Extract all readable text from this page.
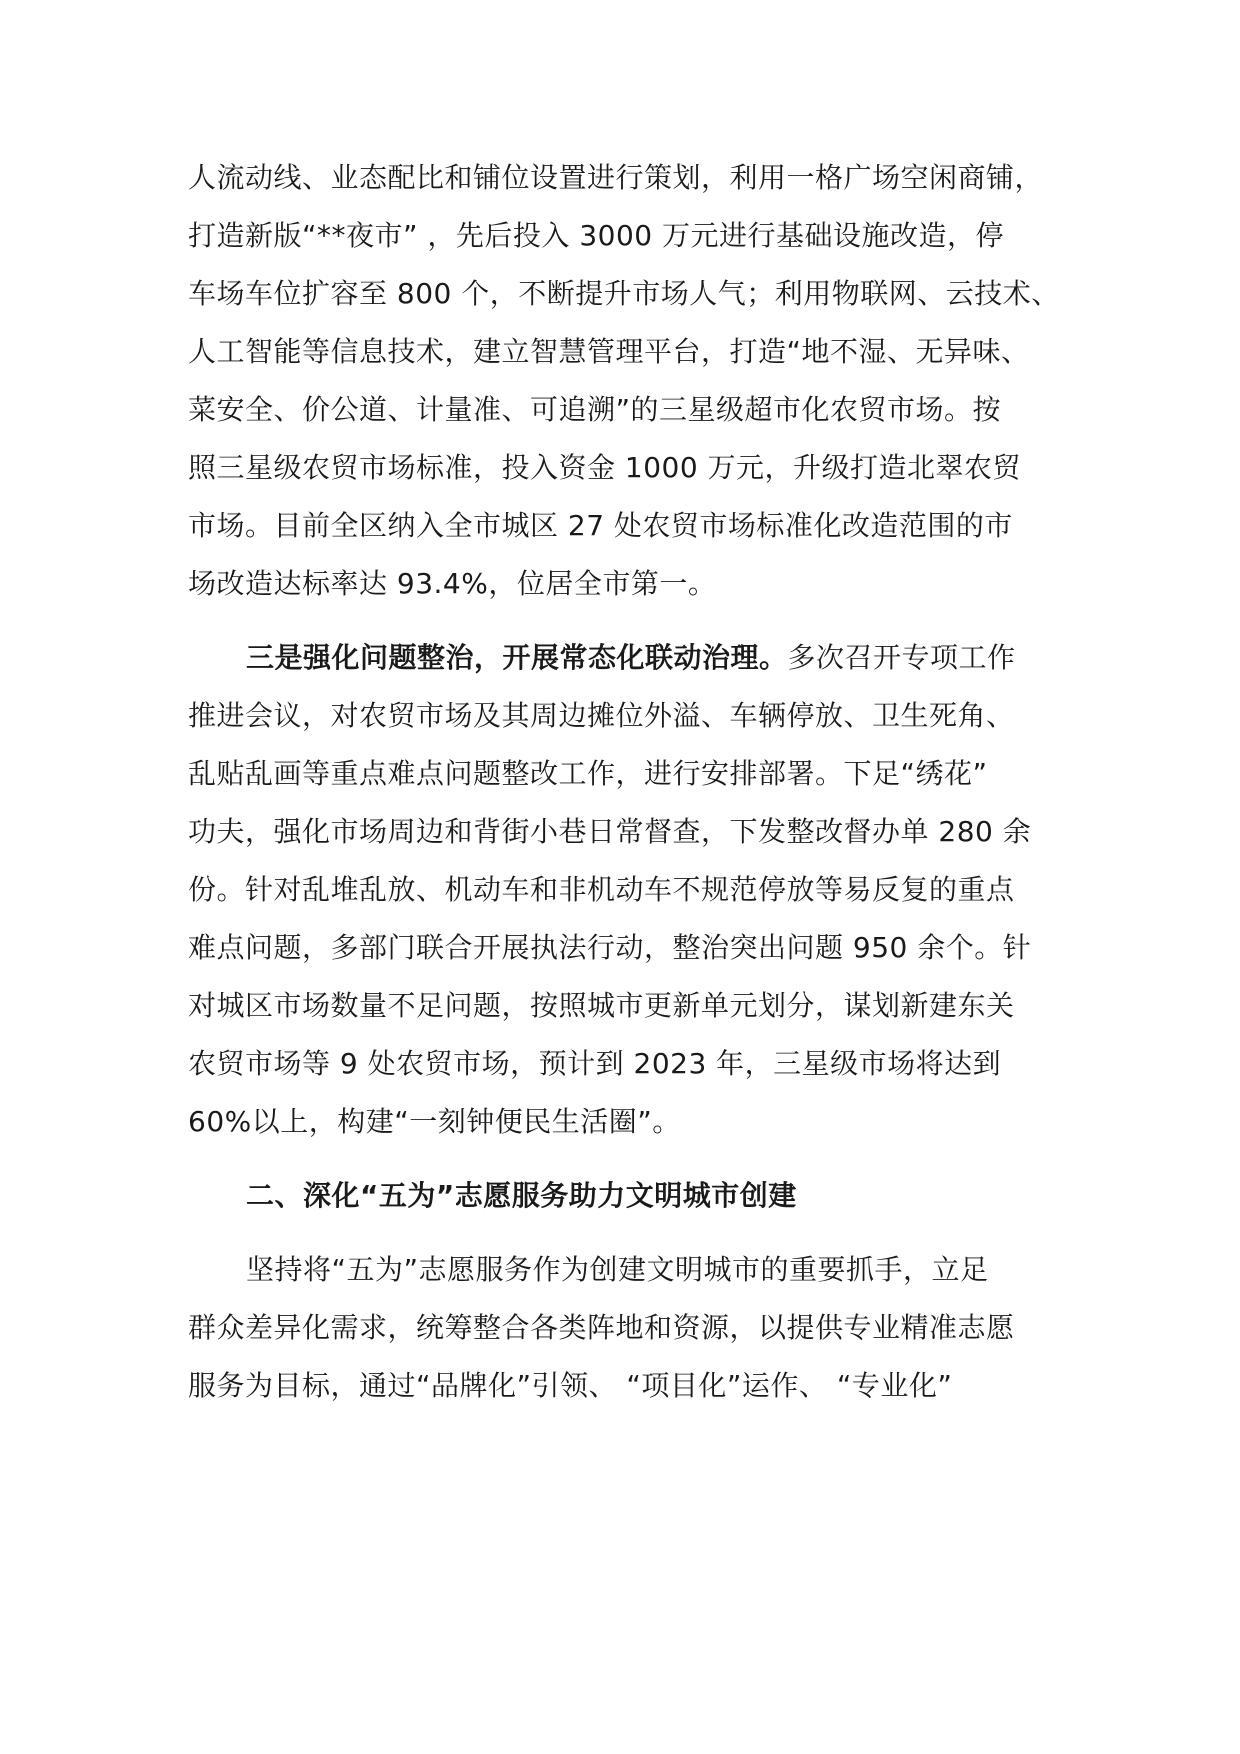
人流动线、业态配比和铺位设置进行策划，利用一格广场空闲商铺，
打造新版“**夜市” ，先后投入 3000 万元进行基础设施改造，停
车场车位扩容至 800 个，不断提升市场人气；利用物联网、云技术、
人工智能等信息技术，建立智慧管理平台，打造“地不湿、无异味、
菜安全、价公道、计量准、可追溯”的三星级超市化农贸市场。按
照三星级农贸市场标准，投入资金 1000 万元，升级打造北翠农贸
市场。目前全区纳入全市城区 27 处农贸市场标准化改造范围的市
场改造达标率达 93.4%，位居全市第一。
三是强化问题整治，开展常态化联动治理。多次召开专项工作
推进会议，对农贸市场及其周边摊位外溢、车辆停放、卫生死角、
乱贴乱画等重点难点问题整改工作，进行安排部署。下足“绣花”
功夫，强化市场周边和背街小巷日常督查，下发整改督办单 280 余
份。针对乱堆乱放、机动车和非机动车不规范停放等易反复的重点
难点问题，多部门联合开展执法行动，整治突出问题 950 余个。针
对城区市场数量不足问题，按照城市更新单元划分，谋划新建东关
农贸市场等 9 处农贸市场，预计到 2023 年，三星级市场将达到
60%以上，构建“一刻钟便民生活圈”。
二、深化“五为”志愿服务助力文明城市创建
坚持将“五为”志愿服务作为创建文明城市的重要抓手，立足
群众差异化需求，统筹整合各类阵地和资源，以提供专业精准志愿
服务为目标，通过“品牌化”引领、 “项目化”运作、 “专业化”
